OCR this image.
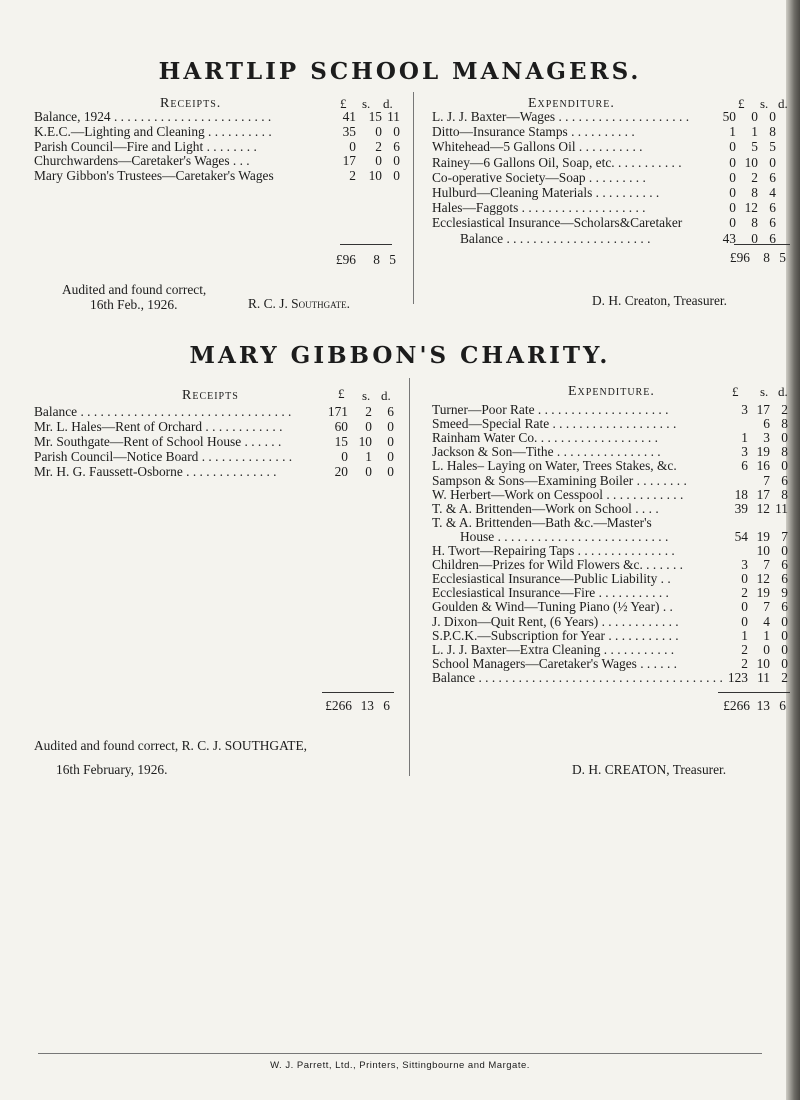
HARTLIP SCHOOL MANAGERS.
Receipts.	£ s. d.	Expenditure.	£ s. d.
Balance, 1924 . . . . . . . . . . . . . . . . . . . . . . . .	41 15 11
K.E.C.—Lighting and Cleaning . . . . . . . . . .	35	0 0
Parish Council—Fire and Light . . . . . . . .	0	2 6
Churchwardens—Caretaker's Wages . . .	17	0 0
Mary Gibbon's Trustees—Caretaker's Wages	2 10 0
L. J. J. Baxter—Wages . . . . . . . . . . . . . . . . . . . .	50	0 0
Ditto—Insurance Stamps . . . . . . . . . .	1	1 8
Whitehead—5 Gallons Oil . . . . . . . . . .	0	5 5
Rainey—6 Gallons Oil, Soap, etc. . . . . . . . . . .	0 10 0
Co-operative Society—Soap . . . . . . . . .	0	2 6
Hulburd—Cleaning Materials . . . . . . . . . .	0	8 4
Hales—Faggots . . . . . . . . . . . . . . . . . . .	0 12 6
Ecclesiastical Insurance—Scholars&Caretaker	0	8 6
Balance . . . . . . . . . . . . . . . . . . . . . .	43	0 6
£96	8 5	£96 8 5
Audited and found correct,
16th Feb., 1926.	R. C. J. Southgate.	D. H. Creaton, Treasurer.
MARY GIBBON'S CHARITY.
Receipts	£ s. d.	Expenditure.	£ s. d.
Balance . . . . . . . . . . . . . . . . . . . . . . . . . . . . . . . .	171	2	6
Mr. L. Hales—Rent of Orchard . . . . . . . . . . . .	60	0	0
Mr. Southgate—Rent of School House . . . . . .	15 10	0
Parish Council—Notice Board . . . . . . . . . . . . . .	0	1	0
Mr. H. G. Faussett-Osborne . . . . . . . . . . . . . .	20	0	0
Turner—Poor Rate . . . . . . . . . . . . . . . . . . . .	3 17 2
Smeed—Special Rate . . . . . . . . . . . . . . . . . . .	6 8
Rainham Water Co. . . . . . . . . . . . . . . . . . .	1	3 0
Jackson & Son—Tithe . . . . . . . . . . . . . . . .	3 19 8
L. Hales– Laying on Water, Trees Stakes, &c.	6 16 0
Sampson & Sons—Examining Boiler . . . . . . . .	7 6
W. Herbert—Work on Cesspool . . . . . . . . . . . .	18 17 8
T. & A. Brittenden—Work on School . . . .	39 12 11
T. & A. Brittenden—Bath &c.—Master's
House . . . . . . . . . . . . . . . . . . . . . . . . . .	54 19 7
H. Twort—Repairing Taps . . . . . . . . . . . . . . .	10 0
Children—Prizes for Wild Flowers &c. . . . . . .	3	7 6
Ecclesiastical Insurance—Public Liability . .	0 12 6
Ecclesiastical Insurance—Fire . . . . . . . . . . .	2 19 9
Goulden & Wind—Tuning Piano (½ Year) . .	0	7 6
J. Dixon—Quit Rent, (6 Years) . . . . . . . . . . . .	0	4 0
S.P.C.K.—Subscription for Year . . . . . . . . . . .	1	1 0
L. J. J. Baxter—Extra Cleaning . . . . . . . . . . .	2	0 0
School Managers—Caretaker's Wages . . . . . .	2 10 0
Balance . . . . . . . . . . . . . . . . . . . . . . . . . . . . . . . . . . . . . 123 11 2
£266 13 6	£266 13 6
Audited and found correct, R. C. J. SOUTHGATE,
16th February, 1926.	D. H. CREATON, Treasurer.
W. J. Parrett, Ltd., Printers, Sittingbourne and Margate.
